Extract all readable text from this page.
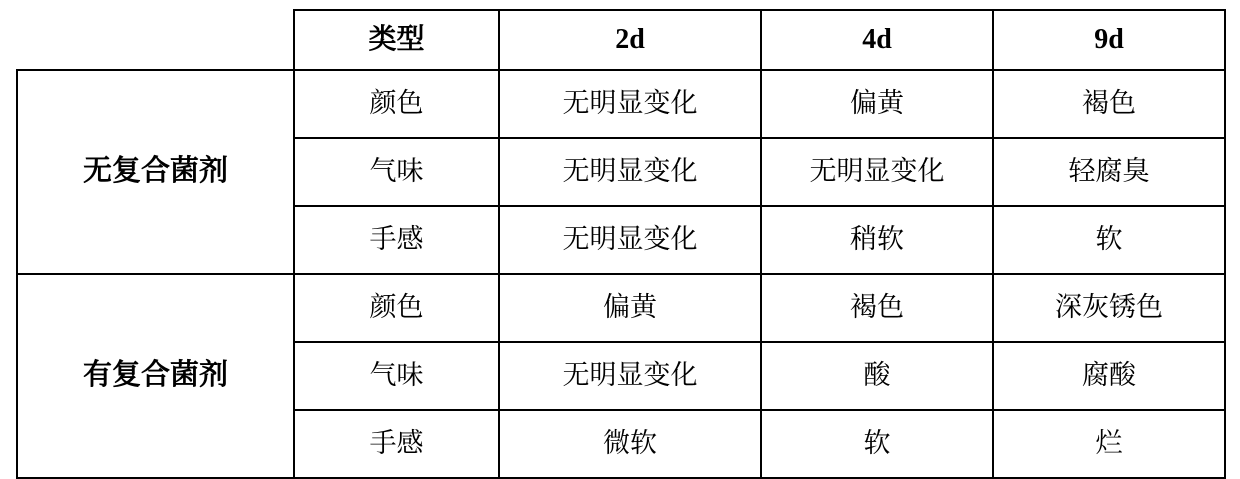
	类型	2d	4d	9d
无复合菌剂	颜色	无明显变化	偏黄	褐色
	气味	无明显变化	无明显变化	轻腐臭
	手感	无明显变化	稍软	软
有复合菌剂	颜色	偏黄	褐色	深灰锈色
	气味	无明显变化	酸	腐酸
	手感	微软	软	烂
